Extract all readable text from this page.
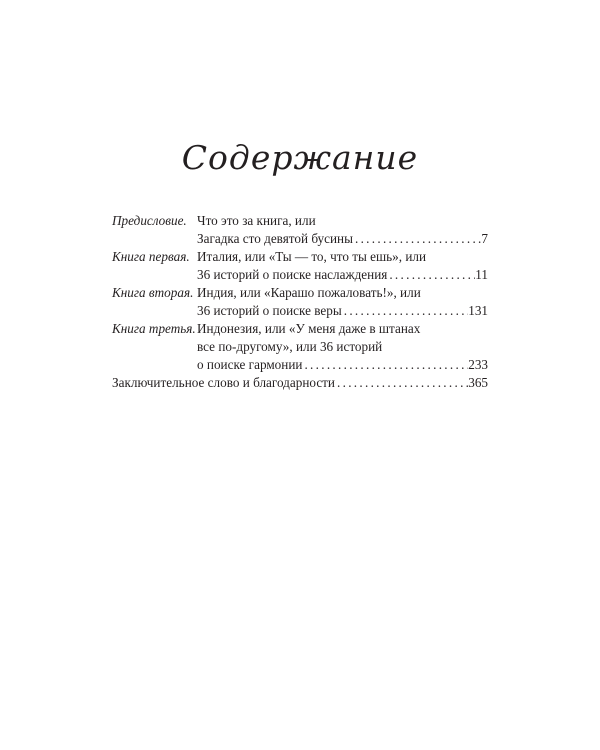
Содержание
Предисловие. Что это за книга, или
Загадка сто девятой бусины . . .	7
Книга первая. Италия, или «Ты — то, что ты ешь», или
36 историй о поиске наслаждения . . .	11
Книга вторая. Индия, или «Карашо пожаловать!», или
36 историй о поиске веры . . .	131
Книга третья. Индонезия, или «У меня даже в штанах
все по-другому», или 36 историй
о поиске гармонии . . .	233
Заключительное слово и благодарности . . .	365
